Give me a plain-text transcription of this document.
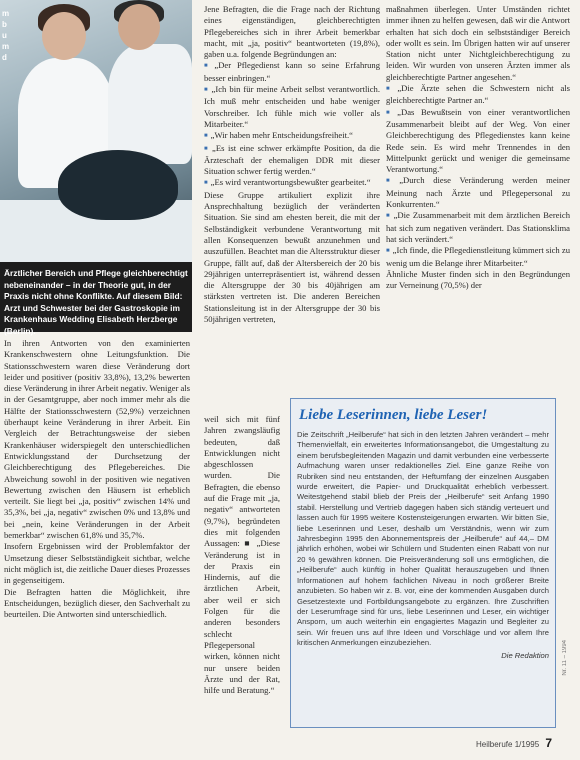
m b u m d
Ärztlicher Bereich und Pflege gleichberechtigt nebeneinander – in der Theorie gut, in der Praxis nicht ohne Konflikte. Auf diesem Bild: Arzt und Schwester bei der Gastroskopie im Krankenhaus Wedding Elisabeth Herzberge (Berlin).

In ihren Antworten von den examinierten Krankenschwestern ohne Leitungsfunktion. Die Stationsschwestern waren diese Veränderung dort leider und positiver (positiv 33,8%), 13,2% bewerten diese Veränderung in ihrer Arbeit negativ. Weniger als in der Gesamtgruppe, aber noch immer mehr als die Hälfte der Stationsschwestern (52,9%) verzeichnen überhaupt keine Veränderung in ihrer Arbeit. Ein Vergleich der Betrachtungsweise der sieben Krankenhäuser widerspiegelt den unterschiedlichen Entwicklungsstand der Durchsetzung der Gleichberechtigung des Pflegebereiches. Die Abweichung sowohl in der positiven wie negativen Bewertung zwischen den Häusern ist erheblich verteilt. Sie liegt bei „ja, positiv“ zwischen 14% und 35,3%, bei „ja, negativ“ zwischen 0% und 13,8% und bei „nein, keine Veränderungen in der Arbeit bemerkbar“ zwischen 61,8% und 35,7%.

Insofern Ergebnissen wird der Problemfaktor der Umsetzung dieser Selbstständigkeit sichtbar, welche nicht möglich ist, die zeitliche Dauer dieses Prozesses in gegenseitigem.

Die Befragten hatten die Möglichkeit, ihre Entscheidungen, bezüglich dieser, den Sachverhalt zu beurteilen. Die Antworten sind unterschiedlich.

Jene Befragten, die die Frage nach der Richtung eines eigenständigen, gleichberechtigten Pflegebereiches sich in ihrer Arbeit bemerkbar macht, mit „ja, positiv“ beantworteten (19,8%), gaben u.a. folgende Begründungen an:

■ „Der Pflegedienst kann so seine Erfahrung besser einbringen.“

■ „Ich bin für meine Arbeit selbst verantwortlich. Ich muß mehr entscheiden und habe weniger Vorschreiber. Ich fühle mich wie voller als Mitarbeiter.“

■ „Wir haben mehr Entscheidungsfreiheit.“

■ „Es ist eine schwer erkämpfte Position, da die Ärzteschaft der ehemaligen DDR mit dieser Situation schwer fertig werden.“

■ „Es wird verantwortungsbewußter gearbeitet.“

Diese Gruppe artikuliert explizit ihre Ansprechhaltung bezüglich der veränderten Situation. Sie sind am ehesten bereit, die mit der Selbständigkeit verbundene Verantwortung mit allen Konsequenzen bewußt anzunehmen und auszufüllen. Beachtet man die Altersstruktur dieser Gruppe, fällt auf, daß der Altersbereich der 20 bis 29jährigen unterrepräsentiert ist, während dessen die Altersgruppe der 30 bis 40jährigen am stärksten vertreten ist. Die anderen Bereichen Stationsleitung ist in der Altersgruppe der 30 bis 50jährigen vertreten,

weil sich mit fünf Jahren zwangsläufig bedeuten, daß Entwicklungen nicht abgeschlossen wurden. Die Befragten, die ebenso auf die Frage mit „ja, negativ“ antworteten (9,7%), begründeten dies mit folgenden Aussagen: ■ „Diese Veränderung ist in der Praxis ein Hindernis, auf die ärztlichen Arbeit, aber weil er sich Folgen für die anderen besonders schlecht Pflegepersonal wirken, können nicht nur unsere beiden Ärzte und der Rat, hilfe und Beratung.“

maßnahmen überlegen. Unter Umständen richtet immer ihnen zu helfen gewesen, daß wir die Antwort erhalten hat sich doch ein selbstständiger Bereich oder wollt es sein. Im Übrigen hatten wir auf unserer Station nicht unter Nichtgleichberechtigung zu leiden. Wir wurden von unseren Ärzten immer als gleichberechtigte Partner angesehen.“

■ „Die Ärzte sehen die Schwestern nicht als gleichberechtigte Partner an.“

■ „Das Bewußtsein von einer verantwortlichen Zusammenarbeit bleibt auf der Weg. Von einer Gleichberechtigung des Pflegedienstes kann keine Rede sein. Es wird mehr Trennendes in den Mittelpunkt gerückt und weniger die gemeinsame Verantwortung.“

■ „Durch diese Veränderung werden meiner Meinung nach Ärzte und Pflegepersonal zu Konkurrenten.“

■ „Die Zusammenarbeit mit dem ärztlichen Bereich hat sich zum negativen verändert. Das Stationsklima hat sich verändert.“

■ „Ich finde, die Pflegedienstleitung kümmert sich zu wenig um die Belange ihrer Mitarbeiter.“

Ähnliche Muster finden sich in den Begründungen zur Verneinung (70,5%) der

Liebe Leserinnen, liebe Leser!
Die Zeitschrift „Heilberufe“ hat sich in den letzten Jahren verändert – mehr Themenvielfalt, ein erweitertes Informationsangebot, die Umgestaltung zu einem berufsbegleitenden Magazin und damit verbunden eine verbesserte Aufmachung waren unser redaktionelles Ziel. Eine ganze Reihe von Rubriken sind neu entstanden, der Heftumfang der einzelnen Ausgaben wurde erweitert, die Papier- und Druckqualität erheblich verbessert. Weitestgehend stabil blieb der Preis der „Heilberufe“ seit Anfang 1990 stabil. Herstellung und Vertrieb dagegen haben sich ständig verteuert und lassen auch für 1995 weitere Kostensteigerungen erwarten. Wir bitten Sie, liebe Leserinnen und Leser, deshalb um Verständnis, wenn wir zum Jahresbeginn 1995 den Abonnementspreis der „Heilberufe“ auf 44,– DM jährlich erhöhen, wobei wir Schülern und Studenten einen Rabatt von nur 20 % gewähren können. Die Preisveränderung soll uns ermöglichen, die „Heilberufe“ auch künftig in hoher Qualität herauszugeben und Ihnen Informationen auf hohem fachlichen Niveau in noch größerer Breite anzubieten. So haben wir z. B. vor, eine der kommenden Ausgaben durch Gesetzestexte und Fortbildungsangebote zu ergänzen. Ihre Zuschriften der Leserumfrage sind für uns, liebe Leserinnen und Leser, ein wichtiger Ansporn, um auch weiterhin ein engagiertes Magazin und Begleiter zu sein. Wir freuen uns auf Ihre Ideen und Vorschläge und vor allem Ihre kritischen Anmerkungen einzubeziehen.
Die Redaktion Nr. 11 – 1994
Heilberufe 1/1995 7
